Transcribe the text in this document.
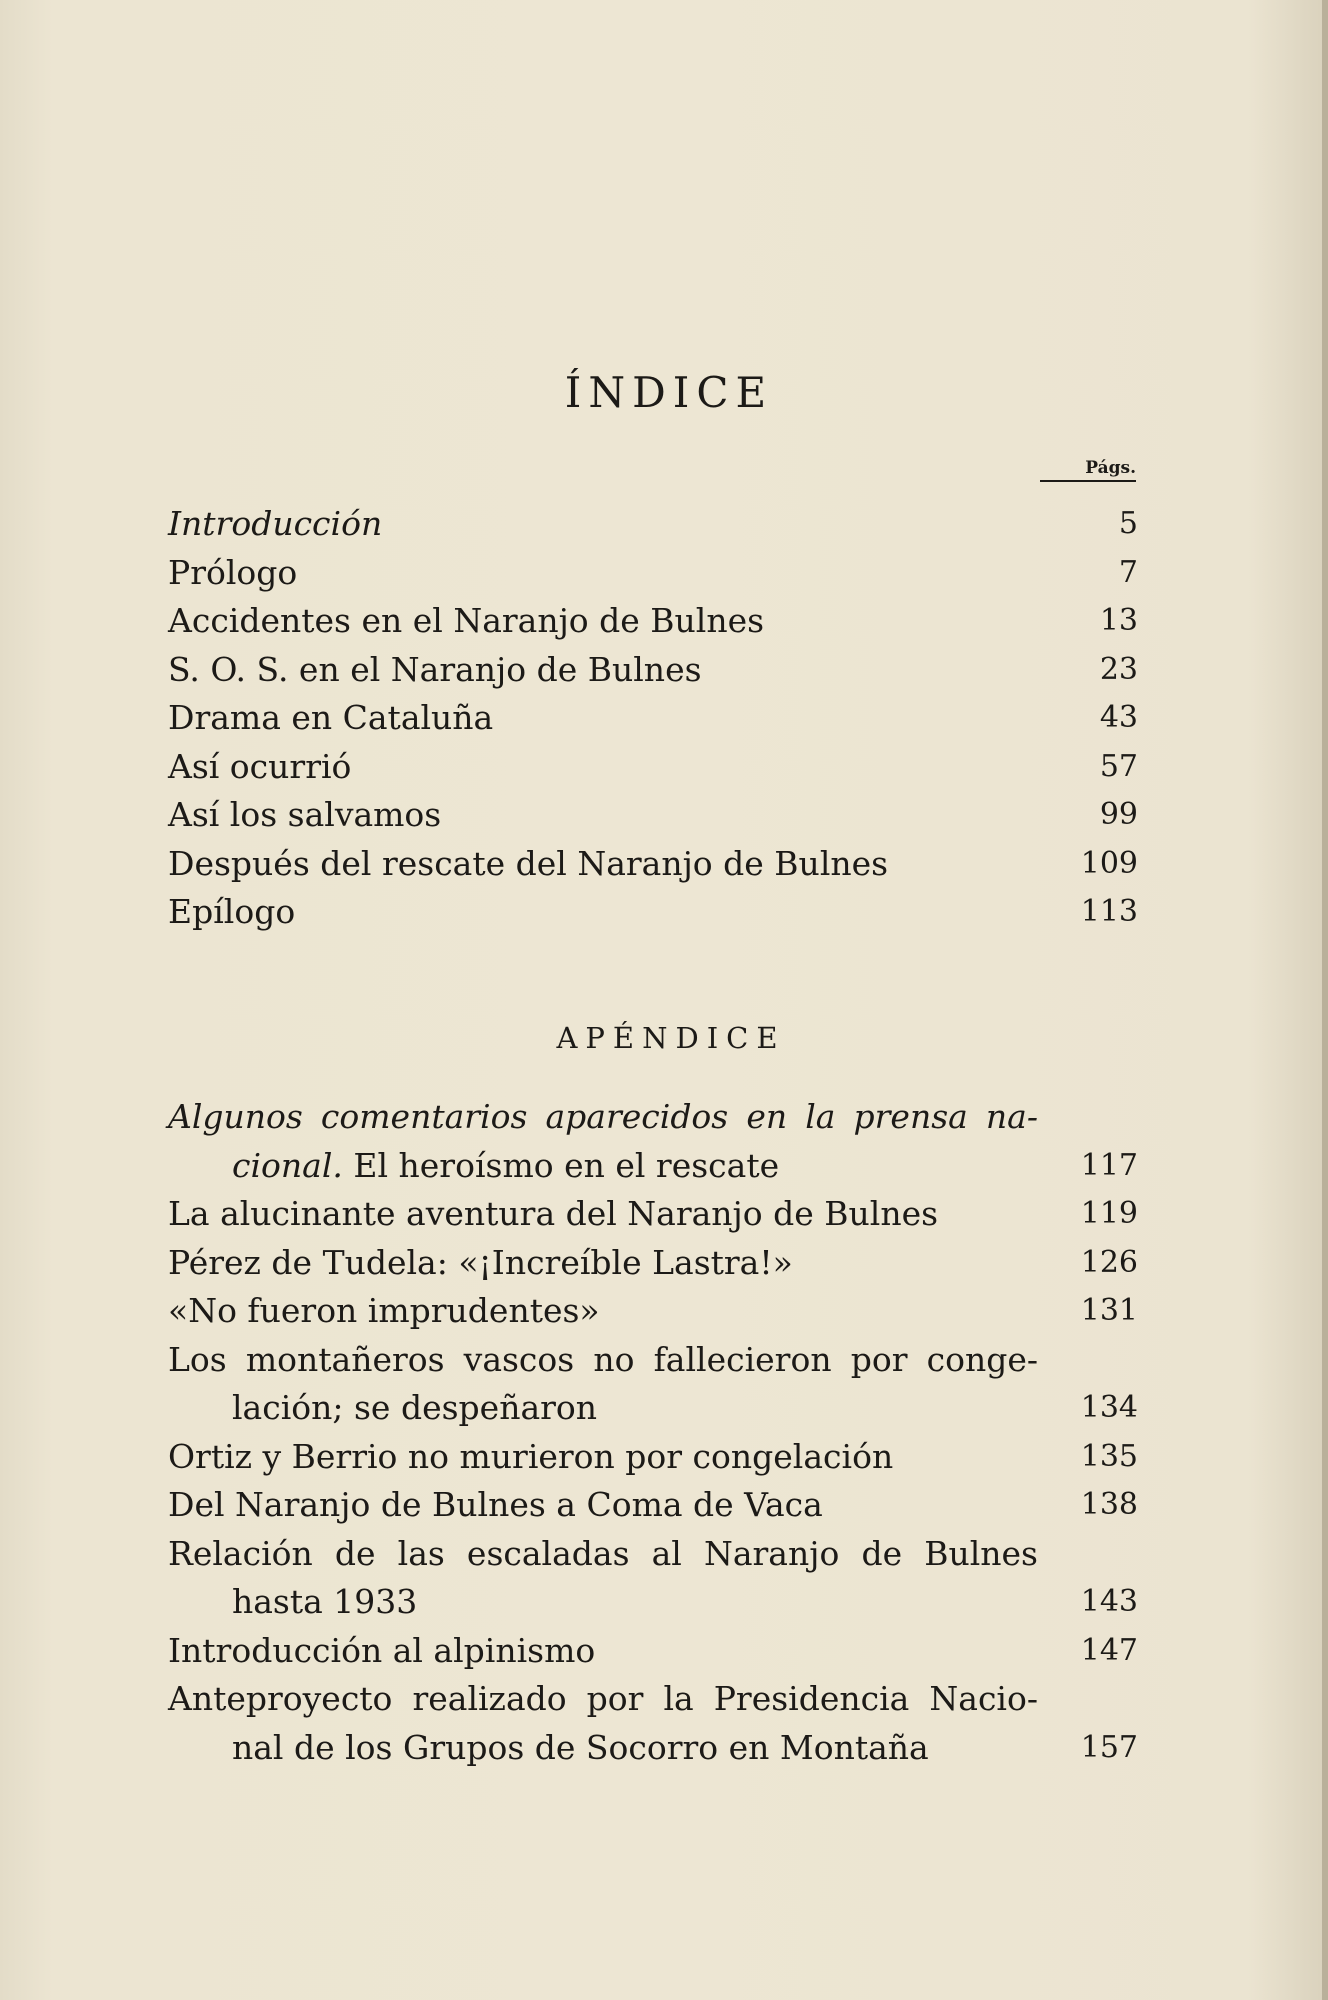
ÍNDICE
Págs.
Introducción	5
Prólogo	7
Accidentes en el Naranjo de Bulnes	13
S. O. S. en el Naranjo de Bulnes	23
Drama en Cataluña	43
Así ocurrió	57
Así los salvamos	99
Después del rescate del Naranjo de Bulnes	109
Epílogo	113
APÉNDICE
Algunos comentarios aparecidos en la prensa na-
cional. El heroísmo en el rescate	117
La alucinante aventura del Naranjo de Bulnes	119
Pérez de Tudela: «¡Increíble Lastra!»	126
«No fueron imprudentes»	131
Los montañeros vascos no fallecieron por conge-
lación; se despeñaron	134
Ortiz y Berrio no murieron por congelación	135
Del Naranjo de Bulnes a Coma de Vaca	138
Relación de las escaladas al Naranjo de Bulnes
hasta 1933	143
Introducción al alpinismo	147
Anteproyecto realizado por la Presidencia Nacio-
nal de los Grupos de Socorro en Montaña	157
